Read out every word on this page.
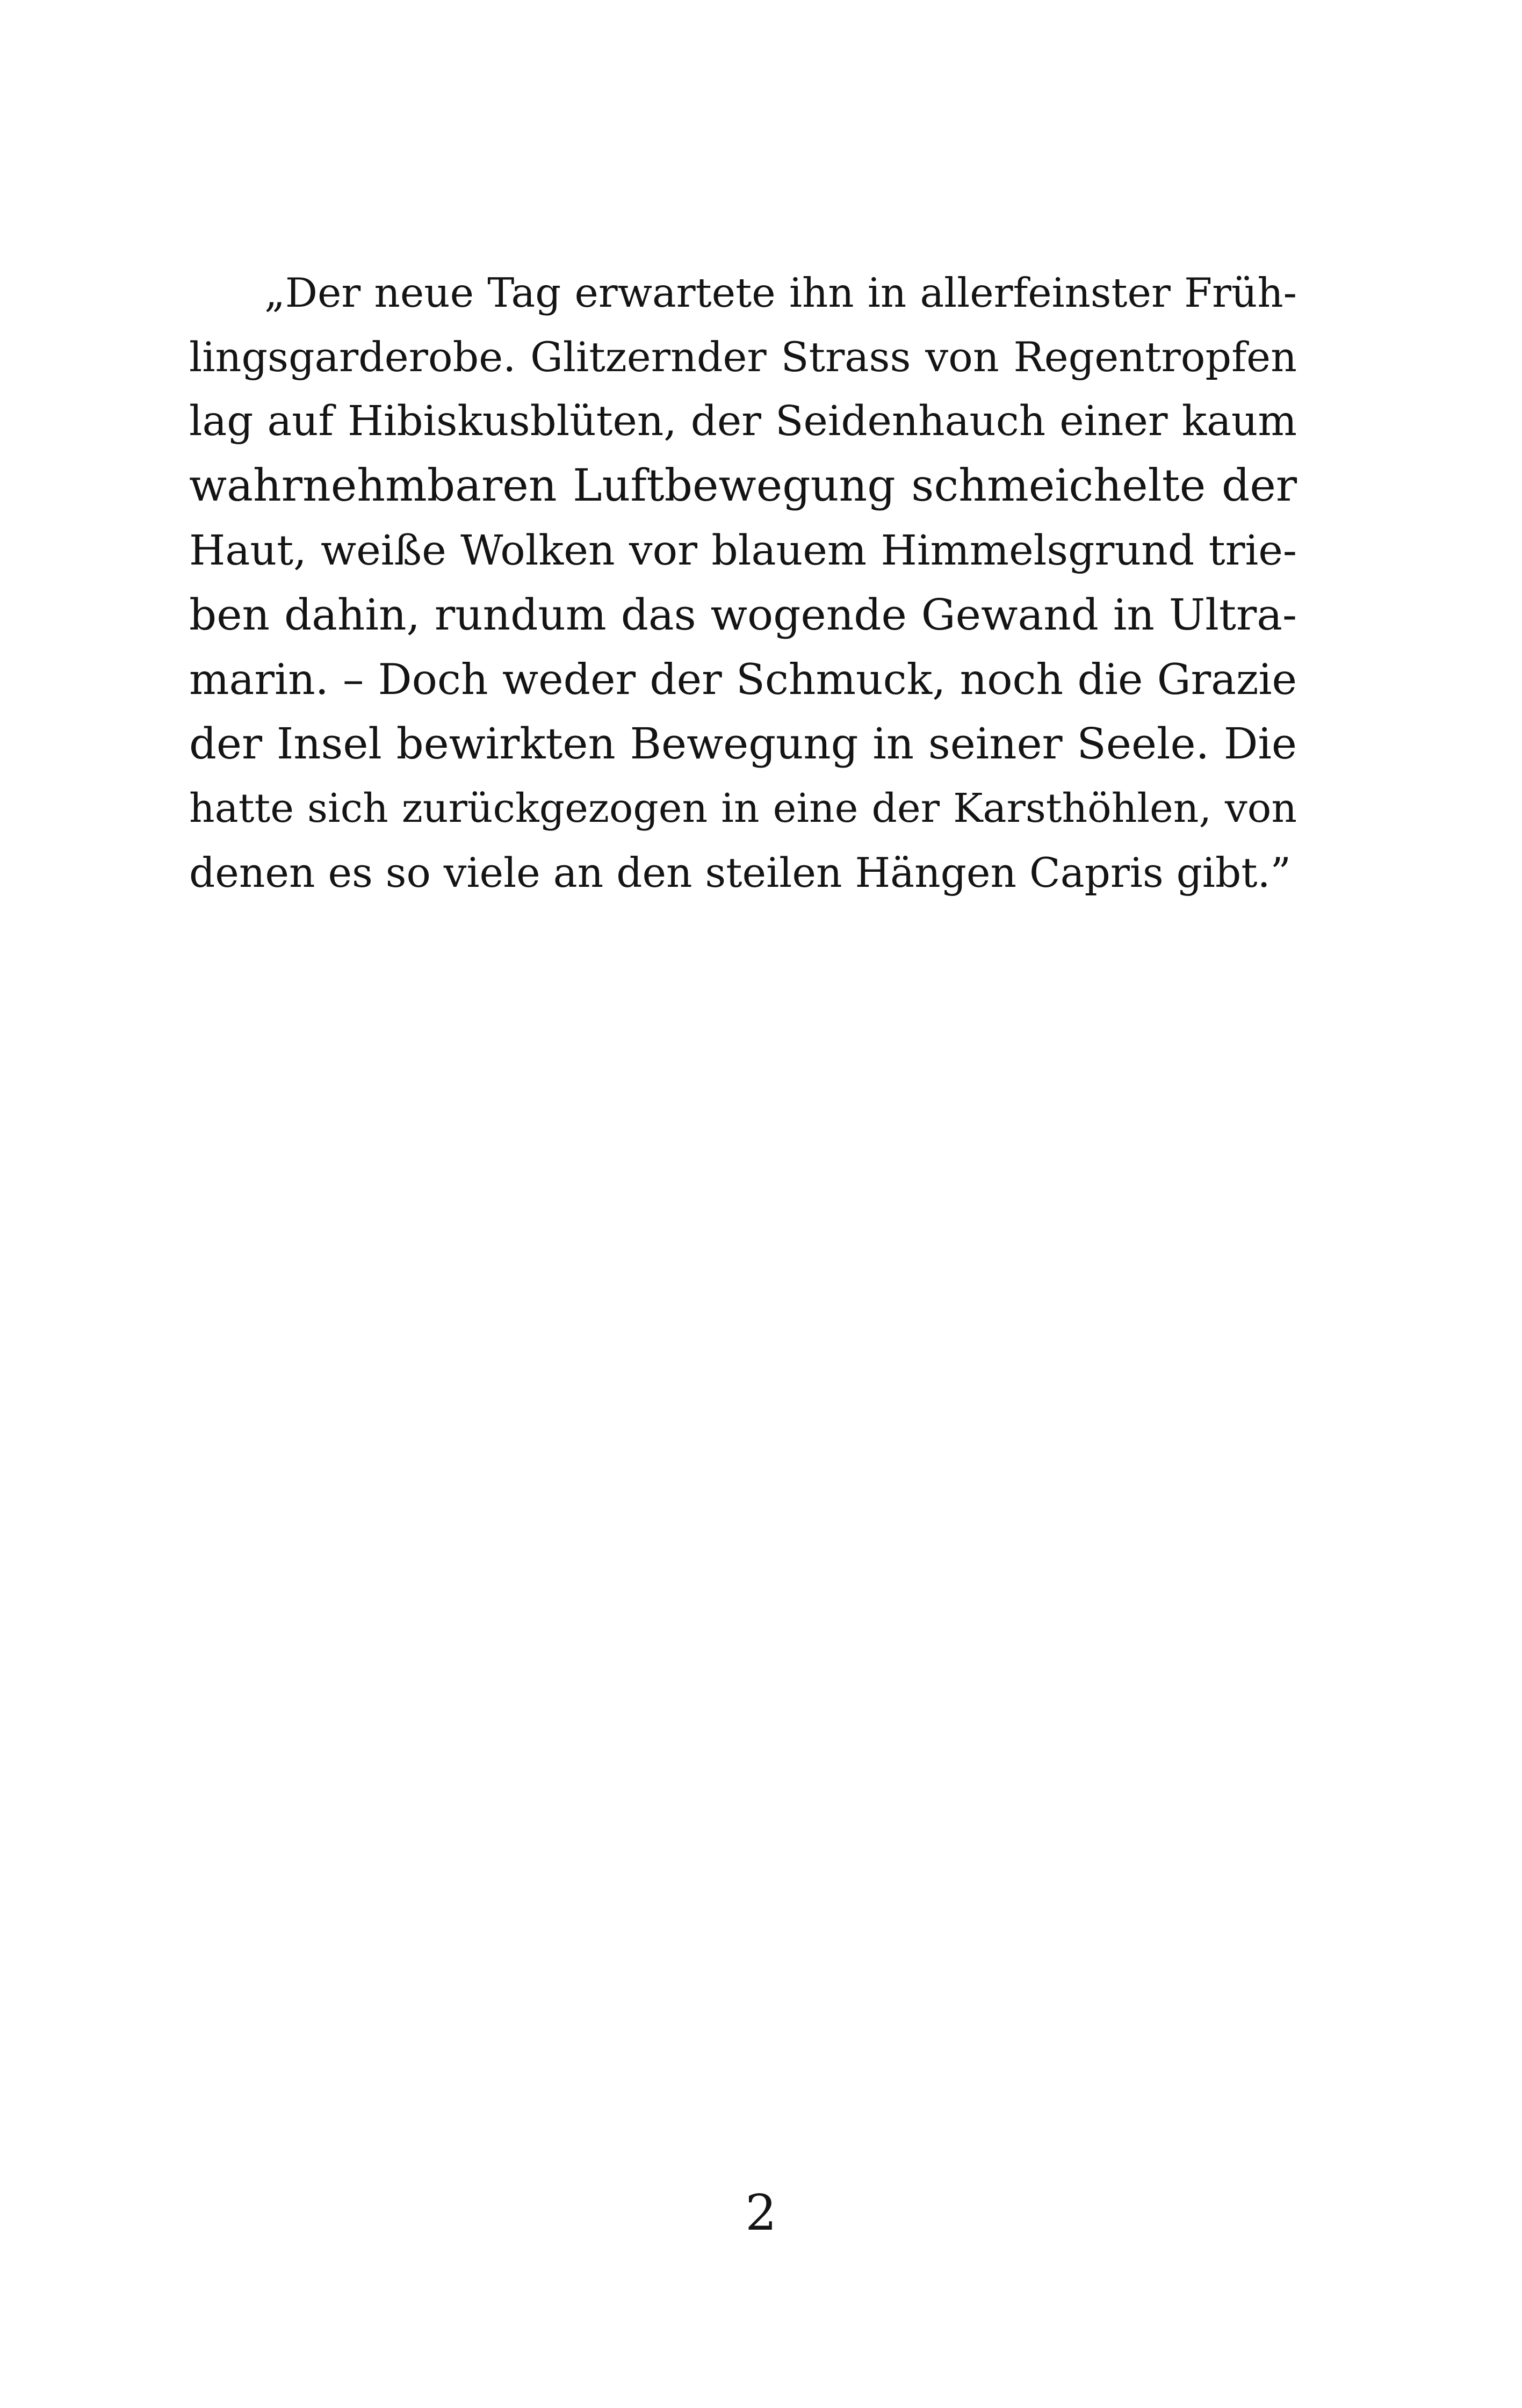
„Der neue Tag erwartete ihn in allerfeinster Früh-
lingsgarderobe. Glitzernder Strass von Regentropfen
lag auf Hibiskusblüten, der Seidenhauch einer kaum
wahrnehmbaren Luftbewegung schmeichelte der
Haut, weiße Wolken vor blauem Himmelsgrund trie-
ben dahin, rundum das wogende Gewand in Ultra-
marin. – Doch weder der Schmuck, noch die Grazie
der Insel bewirkten Bewegung in seiner Seele. Die
hatte sich zurückgezogen in eine der Karsthöhlen, von
denen es so viele an den steilen Hängen Capris gibt.”
2
